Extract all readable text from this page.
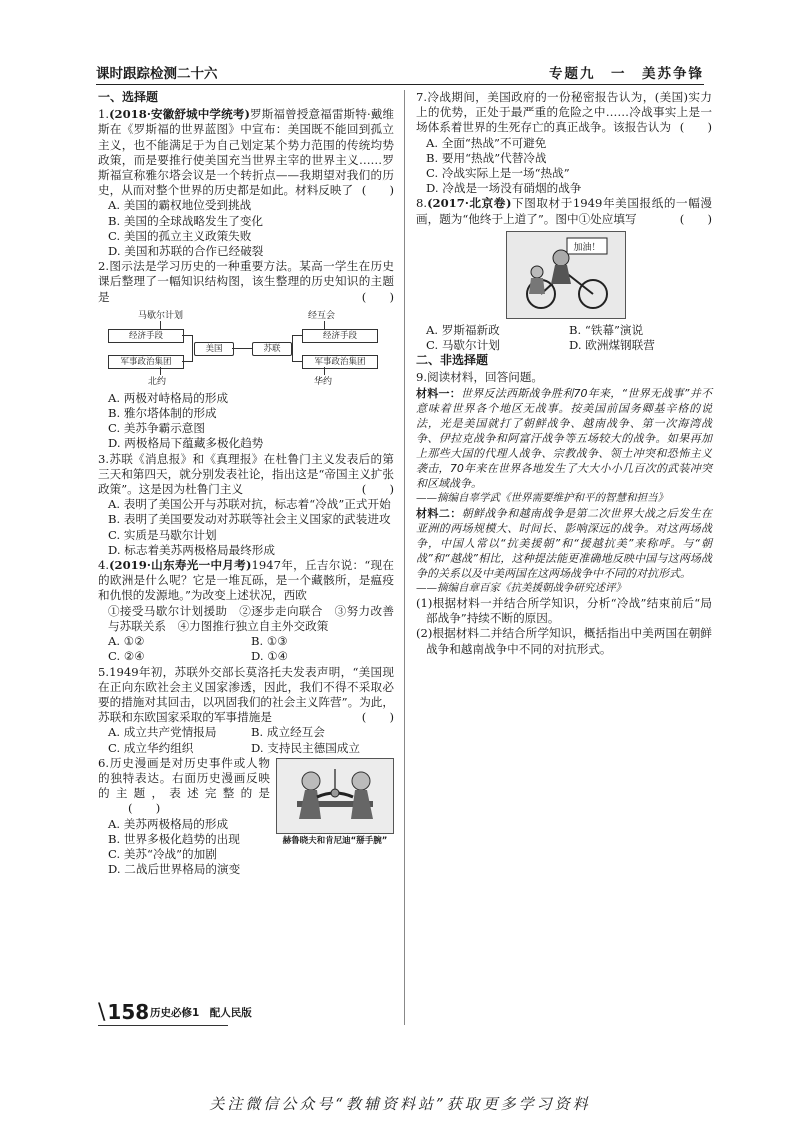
课时跟踪检测二十六	专题九　一　美苏争锋
一、选择题

1.(2018·安徽舒城中学统考)罗斯福曾授意福雷斯特·戴维斯在《罗斯福的世界蓝图》中宣布：美国既不能回到孤立主义，也不能满足于为自己划定某个势力范围的传统均势政策，而是要推行使美国充当世界主宰的世界主义……罗斯福宣称雅尔塔会议是一个转折点——我期望对我们的历史，从而对整个世界的历史都是如此。材料反映了 (　　)

A. 美国的霸权地位受到挑战

B. 美国的全球战略发生了变化

C. 美国的孤立主义政策失败

D. 美国和苏联的合作已经破裂

2.图示法是学习历史的一种重要方法。某高一学生在历史课后整理了一幅知识结构图，该生整理的历史知识的主题是	(　　)

马歇尔计划	经互会
经济手段
军事政治集团
美国	苏联
经济手段
军事政治集团
北约	华约

A. 两极对峙格局的形成

B. 雅尔塔体制的形成

C. 美苏争霸示意图

D. 两极格局下蕴藏多极化趋势

3.苏联《消息报》和《真理报》在杜鲁门主义发表后的第三天和第四天，就分别发表社论，指出这是“帝国主义扩张政策”。这是因为杜鲁门主义	(　　)

A. 表明了美国公开与苏联对抗，标志着“冷战”正式开始

B. 表明了美国要发动对苏联等社会主义国家的武装进攻

C. 实质是马歇尔计划

D. 标志着美苏两极格局最终形成

4.(2019·山东寿光一中月考)1947年，丘吉尔说：“现在的欧洲是什么呢？它是一堆瓦砾，是一个藏骸所，是瘟疫和仇恨的发源地。”为改变上述状况，西欧

①接受马歇尔计划援助　②逐步走向联合　③努力改善与苏联关系　④力图推行独立自主外交政策

A. ①②	B. ①③
C. ②④	D. ①④

5.1949年初，苏联外交部长莫洛托夫发表声明，“美国现在正向东欧社会主义国家渗透，因此，我们不得不采取必要的措施对其回击，以巩固我们的社会主义阵营”。为此，苏联和东欧国家采取的军事措施是	(　　)

A. 成立共产党情报局	B. 成立经互会
C. 成立华约组织	D. 支持民主德国成立
赫鲁晓夫和肯尼迪“掰手腕”

6.历史漫画是对历史事件或人物的独特表达。右面历史漫画反映的主题，表述完整的是(　　)

A. 美苏两极格局的形成

B. 世界多极化趋势的出现

C. 美苏“冷战”的加剧

D. 二战后世界格局的演变

7.冷战期间，美国政府的一份秘密报告认为，(美国)实力上的优势，正处于最严重的危险之中……冷战事实上是一场体系着世界的生死存亡的真正战争。该报告认为 (　　)

A. 全面“热战”不可避免

B. 要用“热战”代替冷战

C. 冷战实际上是一场“热战”

D. 冷战是一场没有硝烟的战争

8.(2017·北京卷)下图取材于1949年美国报纸的一幅漫画，题为“他终于上道了”。图中①处应填写	(　　)

加油！
A. 罗斯福新政	B. “铁幕”演说
C. 马歇尔计划	D. 欧洲煤钢联营
二、非选择题

9.阅读材料，回答问题。

材料一：世界反法西斯战争胜利70年来，“世界无战事”并不意味着世界各个地区无战事。按美国前国务卿基辛格的说法，光是美国就打了朝鲜战争、越南战争、第一次海湾战争、伊拉克战争和阿富汗战争等五场较大的战争。如果再加上那些大国的代理人战争、宗教战争、领土冲突和恐怖主义袭击，70年来在世界各地发生了大大小小几百次的武装冲突和区域战争。

——摘编自辜学武《世界需要维护和平的智慧和担当》

材料二：朝鲜战争和越南战争是第二次世界大战之后发生在亚洲的两场规模大、时间长、影响深远的战争。对这两场战争，中国人常以“抗美援朝”和“援越抗美”来称呼。与“朝战”和“越战”相比，这种提法能更准确地反映中国与这两场战争的关系以及中美两国在这两场战争中不同的对抗形式。

——摘编自章百家《抗美援朝战争研究述评》

(1)根据材料一并结合所学知识，分析“冷战”结束前后“局部战争”持续不断的原因。

(2)根据材料二并结合所学知识，概括指出中美两国在朝鲜战争和越南战争中不同的对抗形式。

\ 158 历史必修1　配人民版
关注微信公众号“教辅资料站”获取更多学习资料
